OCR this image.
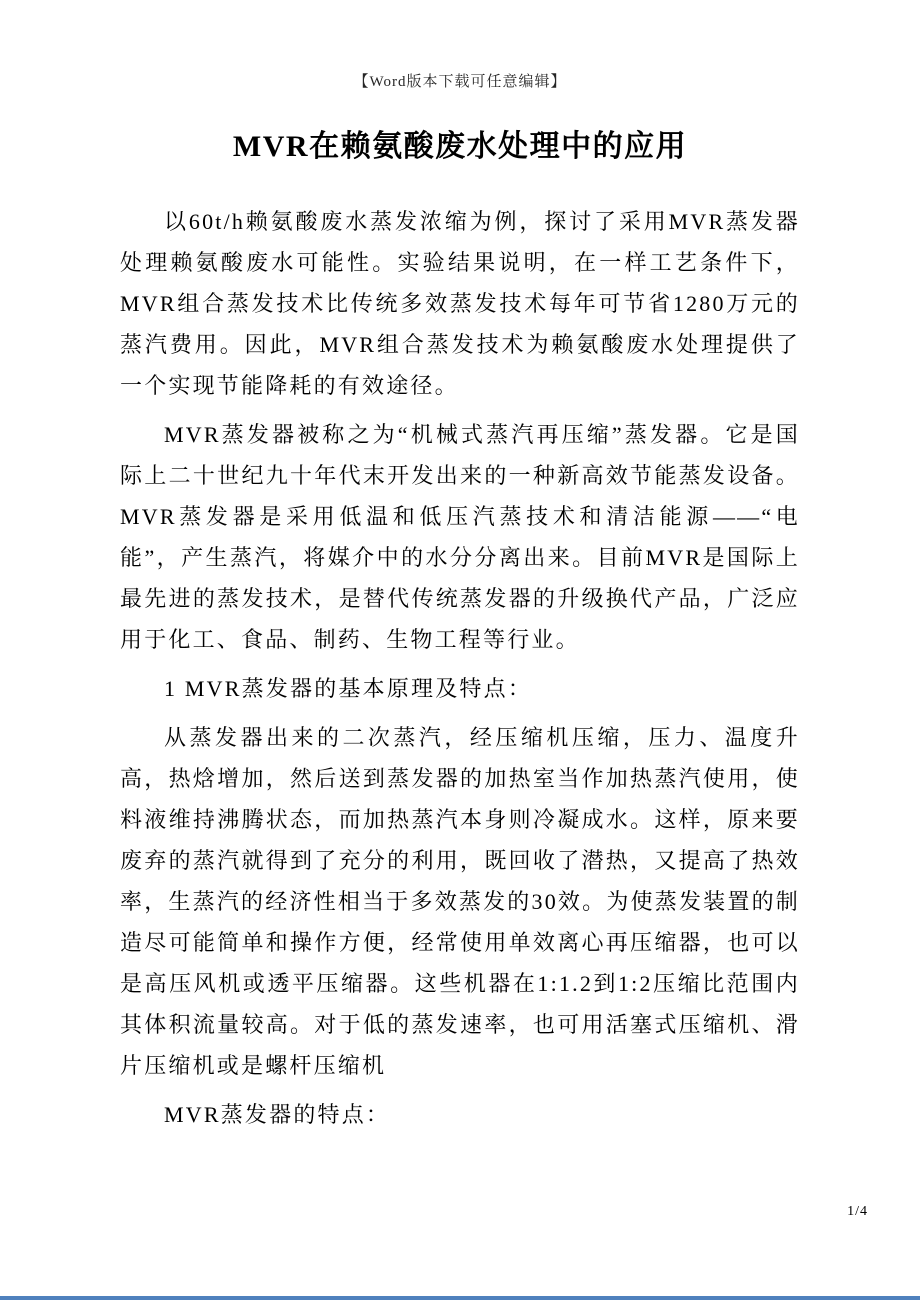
【Word版本下载可任意编辑】
MVR在赖氨酸废水处理中的应用

以60t/h赖氨酸废水蒸发浓缩为例，探讨了采用MVR蒸发器处理赖氨酸废水可能性。实验结果说明，在一样工艺条件下，MVR组合蒸发技术比传统多效蒸发技术每年可节省1280万元的蒸汽费用。因此，MVR组合蒸发技术为赖氨酸废水处理提供了一个实现节能降耗的有效途径。

MVR蒸发器被称之为“机械式蒸汽再压缩”蒸发器。它是国际上二十世纪九十年代末开发出来的一种新高效节能蒸发设备。MVR蒸发器是采用低温和低压汽蒸技术和清洁能源——“电能”，产生蒸汽，将媒介中的水分分离出来。目前MVR是国际上最先进的蒸发技术，是替代传统蒸发器的升级换代产品，广泛应用于化工、食品、制药、生物工程等行业。

1 MVR蒸发器的基本原理及特点：

从蒸发器出来的二次蒸汽，经压缩机压缩，压力、温度升高，热焓增加，然后送到蒸发器的加热室当作加热蒸汽使用，使料液维持沸腾状态，而加热蒸汽本身则冷凝成水。这样，原来要废弃的蒸汽就得到了充分的利用，既回收了潜热，又提高了热效率，生蒸汽的经济性相当于多效蒸发的30效。为使蒸发装置的制造尽可能简单和操作方便，经常使用单效离心再压缩器，也可以是高压风机或透平压缩器。这些机器在1:1.2到1:2压缩比范围内其体积流量较高。对于低的蒸发速率，也可用活塞式压缩机、滑片压缩机或是螺杆压缩机

MVR蒸发器的特点：

1/4
